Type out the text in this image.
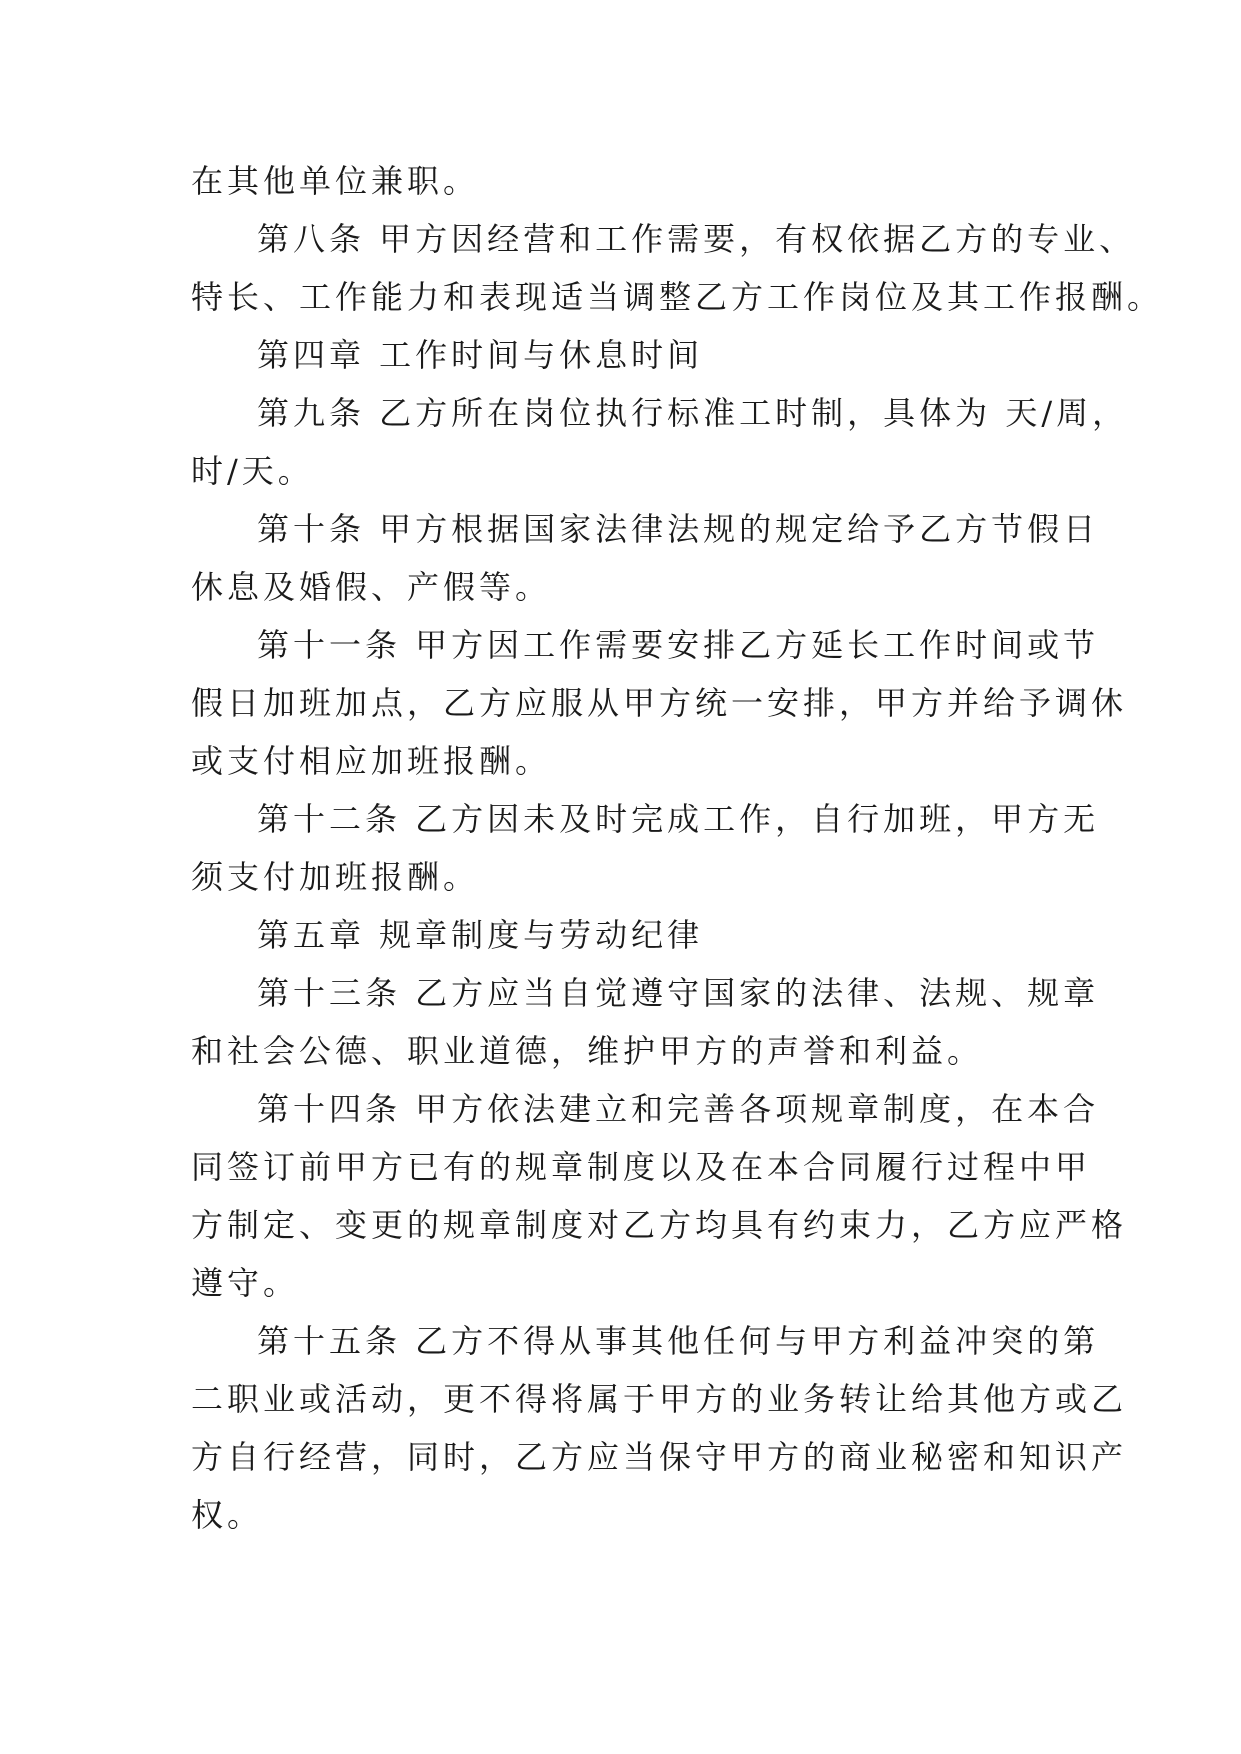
在其他单位兼职。
第八条 甲方因经营和工作需要，有权依据乙方的专业、
特长、工作能力和表现适当调整乙方工作岗位及其工作报酬。
第四章 工作时间与休息时间
第九条 乙方所在岗位执行标准工时制，具体为 天/周，
时/天。
第十条 甲方根据国家法律法规的规定给予乙方节假日
休息及婚假、产假等。
第十一条 甲方因工作需要安排乙方延长工作时间或节
假日加班加点，乙方应服从甲方统一安排，甲方并给予调休
或支付相应加班报酬。
第十二条 乙方因未及时完成工作，自行加班，甲方无
须支付加班报酬。
第五章 规章制度与劳动纪律
第十三条 乙方应当自觉遵守国家的法律、法规、规章
和社会公德、职业道德，维护甲方的声誉和利益。
第十四条 甲方依法建立和完善各项规章制度，在本合
同签订前甲方已有的规章制度以及在本合同履行过程中甲
方制定、变更的规章制度对乙方均具有约束力，乙方应严格
遵守。
第十五条 乙方不得从事其他任何与甲方利益冲突的第
二职业或活动，更不得将属于甲方的业务转让给其他方或乙
方自行经营，同时，乙方应当保守甲方的商业秘密和知识产
权。
